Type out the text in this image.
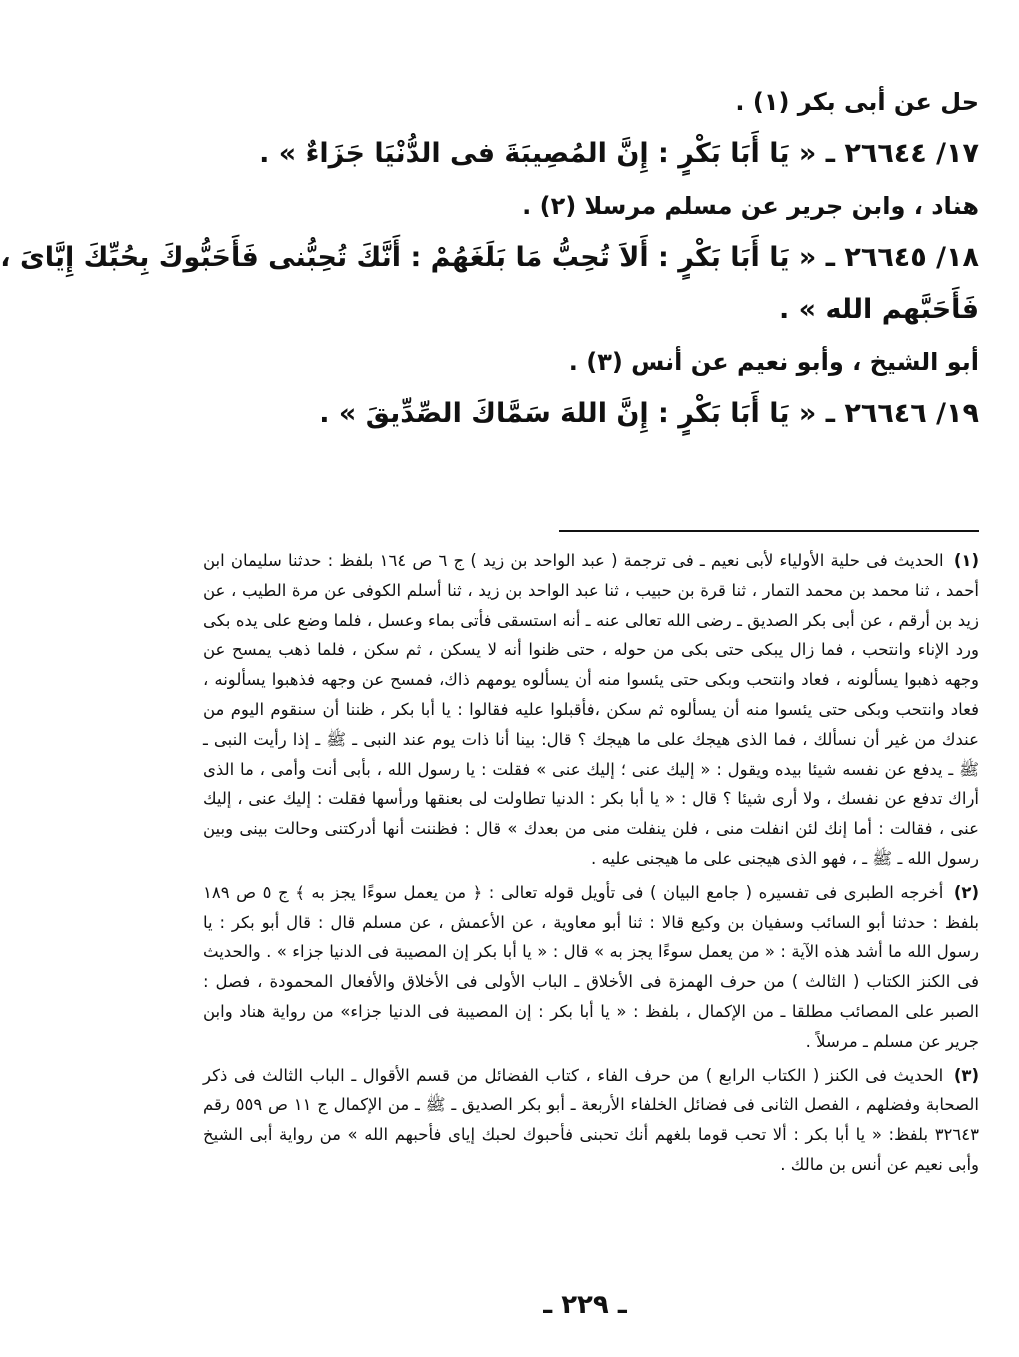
حل عن أبى بكر (١) .

١٧/ ٢٦٦٤٤ ـ « يَا أَبَا بَكْرٍ : إِنَّ المُصِيبَةَ فى الدُّنْيَا جَزَاءٌ » .

هناد ، وابن جرير عن مسلم مرسلا (٢) .

١٨/ ٢٦٦٤٥ ـ « يَا أَبَا بَكْرٍ : أَلاَ تُحِبُّ مَا بَلَغَهُمْ : أَنَّكَ تُحِبُّنى فَأَحَبُّوكَ بِحُبِّكَ إِيَّاىَ ،

فَأَحَبَّهم الله » .

أبو الشيخ ، وأبو نعيم عن أنس (٣) .

١٩/ ٢٦٦٤٦ ـ « يَا أَبَا بَكْرٍ : إِنَّ اللهَ سَمَّاكَ الصِّدِّيقَ » .

(١) الحديث فى حلية الأولياء لأبى نعيم ـ فى ترجمة ( عبد الواحد بن زيد ) ج ٦ ص ١٦٤ بلفظ : حدثنا سليمان ابن أحمد ، ثنا محمد بن محمد التمار ، ثنا قرة بن حبيب ، ثنا عبد الواحد بن زيد ، ثنا أسلم الكوفى عن مرة الطيب ، عن زيد بن أرقم ، عن أبى بكر الصديق ـ رضى الله تعالى عنه ـ أنه استسقى فأتى بماء وعسل ، فلما وضع على يده بكى ورد الإناء وانتحب ، فما زال يبكى حتى بكى من حوله ، حتى ظنوا أنه لا يسكن ، ثم سكن ، فلما ذهب يمسح عن وجهه ذهبوا يسألونه ، فعاد وانتحب وبكى حتى يئسوا منه أن يسألوه يومهم ذاك، فمسح عن وجهه فذهبوا يسألونه ، فعاد وانتحب وبكى حتى يئسوا منه أن يسألوه ثم سكن ،فأقبلوا عليه فقالوا : يا أبا بكر ، ظننا أن سنقوم اليوم من عندك من غير أن نسألك ، فما الذى هيجك على ما هيجك ؟ قال: بينا أنا ذات يوم عند النبى ـ ﷺ ـ إذا رأيت النبى ـ ﷺ ـ يدفع عن نفسه شيئا بيده ويقول : « إليك عنى ؛ إليك عنى » فقلت : يا رسول الله ، بأبى أنت وأمى ، ما الذى أراك تدفع عن نفسك ، ولا أرى شيئا ؟ قال : « يا أبا بكر : الدنيا تطاولت لى بعنقها ورأسها فقلت : إليك عنى ، إليك عنى ، فقالت : أما إنك لئن انفلت منى ، فلن ينفلت منى من بعدك » قال : فظننت أنها أدركتنى وحالت بينى وبين رسول الله ـ ﷺ ـ ، فهو الذى هيجنى على ما هيجنى عليه .

(٢) أخرجه الطبرى فى تفسيره ( جامع البيان ) فى تأويل قوله تعالى : ﴿ من يعمل سوءًا يجز به ﴾ ج ٥ ص ١٨٩ بلفظ : حدثنا أبو السائب وسفيان بن وكيع قالا : ثنا أبو معاوية ، عن الأعمش ، عن مسلم قال : قال أبو بكر : يا رسول الله ما أشد هذه الآية : « من يعمل سوءًا يجز به » قال : « يا أبا بكر إن المصيبة فى الدنيا جزاء » . والحديث فى الكنز الكتاب ( الثالث ) من حرف الهمزة فى الأخلاق ـ الباب الأولى فى الأخلاق والأفعال المحمودة ، فصل : الصبر على المصائب مطلقا ـ من الإكمال ، بلفظ : « يا أبا بكر : إن المصيبة فى الدنيا جزاء» من رواية هناد وابن جرير عن مسلم ـ مرسلاً .

(٣) الحديث فى الكنز ( الكتاب الرابع ) من حرف الفاء ، كتاب الفضائل من قسم الأقوال ـ الباب الثالث فى ذكر الصحابة وفضلهم ، الفصل الثانى فى فضائل الخلفاء الأربعة ـ أبو بكر الصديق ـ ﷺ ـ من الإكمال ج ١١ ص ٥٥٩ رقم ٣٢٦٤٣ بلفظ: « يا أبا بكر : ألا تحب قوما بلغهم أنك تحبنى فأحبوك لحبك إياى فأحبهم الله » من رواية أبى الشيخ وأبى نعيم عن أنس بن مالك .

ـ ٢٢٩ ـ
